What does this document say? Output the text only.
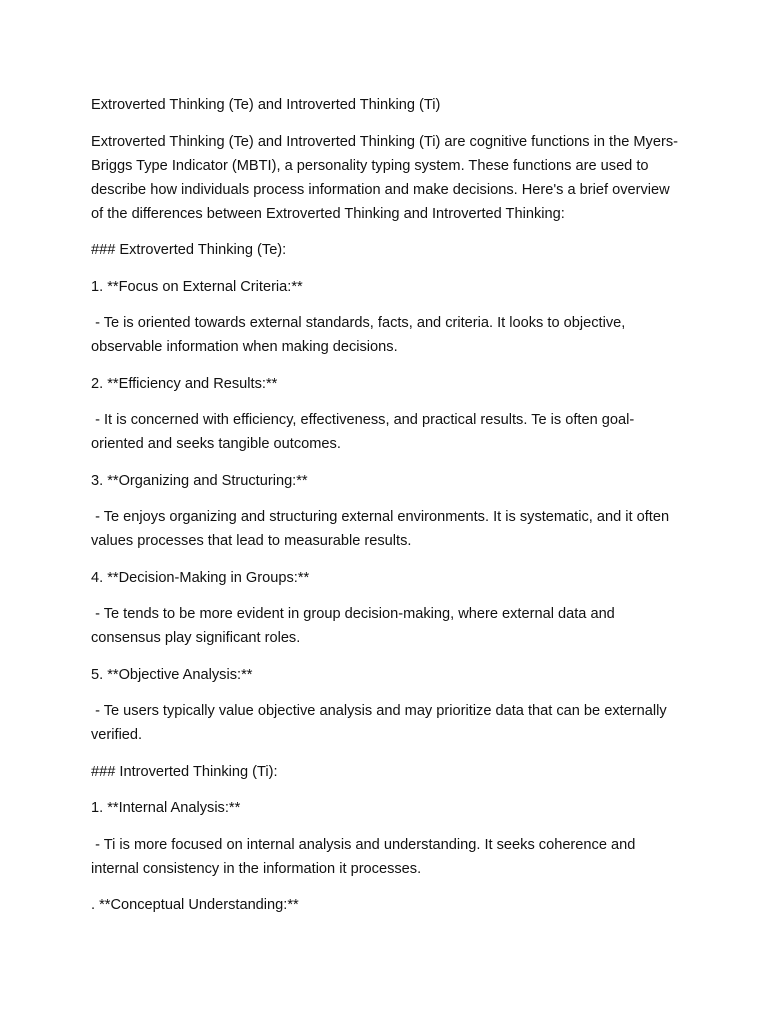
Extroverted Thinking (Te) and Introverted Thinking (Ti)

Extroverted Thinking (Te) and Introverted Thinking (Ti) are cognitive functions in the Myers-Briggs Type Indicator (MBTI), a personality typing system. These functions are used to describe how individuals process information and make decisions. Here's a brief overview of the differences between Extroverted Thinking and Introverted Thinking:

### Extroverted Thinking (Te):

1. **Focus on External Criteria:**

- Te is oriented towards external standards, facts, and criteria. It looks to objective, observable information when making decisions.

2. **Efficiency and Results:**

- It is concerned with efficiency, effectiveness, and practical results. Te is often goal-oriented and seeks tangible outcomes.

3. **Organizing and Structuring:**

- Te enjoys organizing and structuring external environments. It is systematic, and it often values processes that lead to measurable results.

4. **Decision-Making in Groups:**

- Te tends to be more evident in group decision-making, where external data and consensus play significant roles.

5. **Objective Analysis:**

- Te users typically value objective analysis and may prioritize data that can be externally verified.

### Introverted Thinking (Ti):

1. **Internal Analysis:**

- Ti is more focused on internal analysis and understanding. It seeks coherence and internal consistency in the information it processes.

. **Conceptual Understanding:**
